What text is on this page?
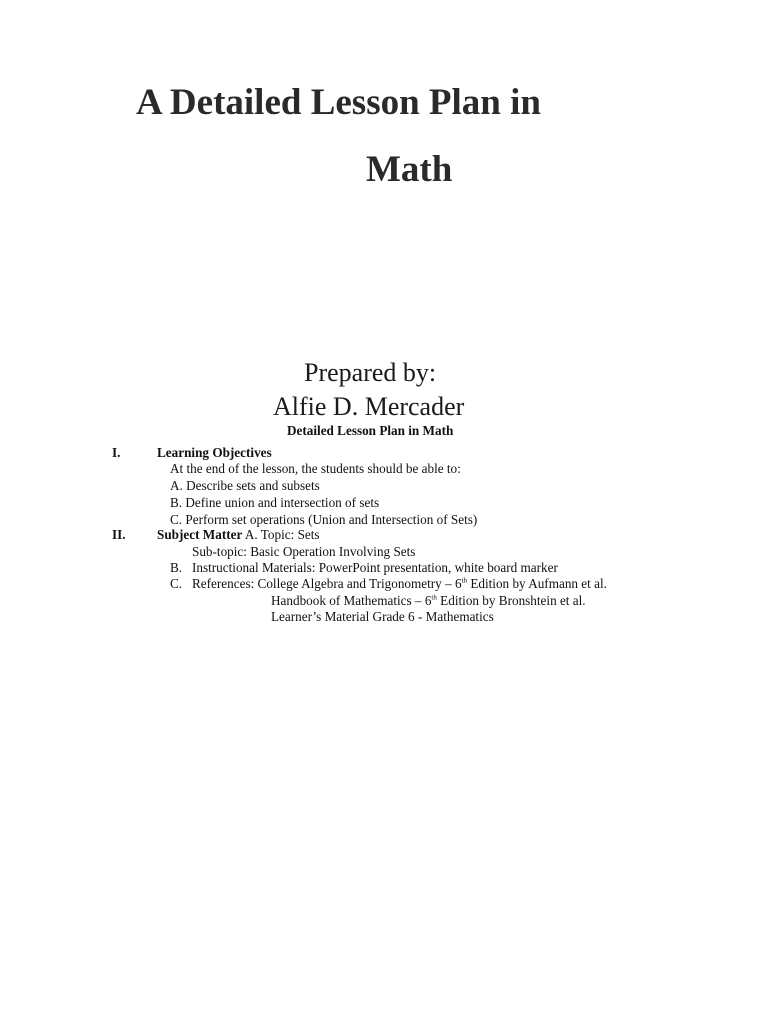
A Detailed Lesson Plan in
Math
Prepared by:
Alfie D. Mercader
Detailed Lesson Plan in Math
I.	Learning Objectives
At the end of the lesson, the students should be able to:
A. Describe sets and subsets
B. Define union and intersection of sets
C. Perform set operations (Union and Intersection of Sets)
II. Subject Matter A. Topic: Sets
Sub-topic: Basic Operation Involving Sets
B. Instructional Materials: PowerPoint presentation, white board marker
C. References: College Algebra and Trigonometry – 6th Edition by Aufmann et al.
Handbook of Mathematics – 6th Edition by Bronshtein et al.
Learner’s Material Grade 6 - Mathematics
